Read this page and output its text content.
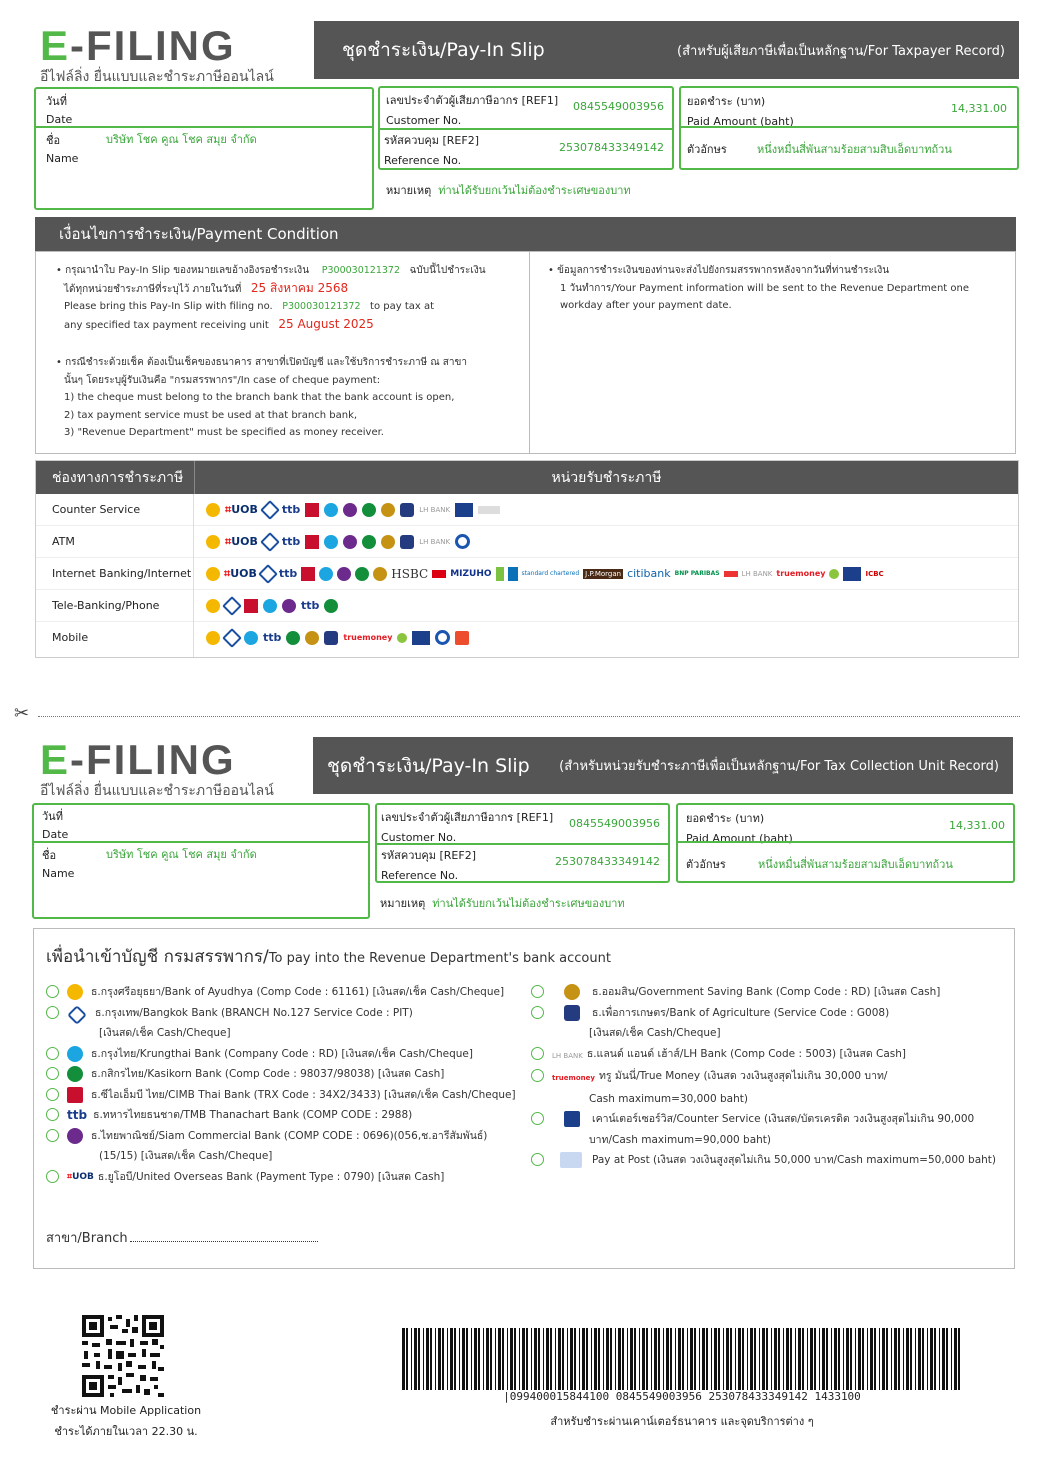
E-FILING
อีไฟล์ลิ่ง ยื่นแบบและชำระภาษีออนไลน์
ชุดชำระเงิน/Pay-In Slip	(สำหรับผู้เสียภาษีเพื่อเป็นหลักฐาน/For Taxpayer Record)
วันที่
Date
ชื่อ
Name
บริษัท โชค คูณ โชค สมุย จำกัด
เลขประจำตัวผู้เสียภาษีอากร [REF1]
Customer No.
0845549003956
รหัสควบคุม [REF2]
Reference No.
253078433349142
หมายเหตุ ท่านได้รับยกเว้นไม่ต้องชำระเศษของบาท
ยอดชำระ (บาท)
Paid Amount (baht)
14,331.00
ตัวอักษร	หนึ่งหมื่นสี่พันสามร้อยสามสิบเอ็ดบาทถ้วน
เงื่อนไขการชำระเงิน/Payment Condition
• กรุณานำใบ Pay-In Slip ของหมายเลขอ้างอิงรอชำระเงิน P300030121372 ฉบับนี้ไปชำระเงิน
ได้ทุกหน่วยชำระภาษีที่ระบุไว้ ภายในวันที่ 25 สิงหาคม 2568
Please bring this Pay-In Slip with filing no. P300030121372 to pay tax at
any specified tax payment receiving unit 25 August 2025
• กรณีชำระด้วยเช็ค ต้องเป็นเช็คของธนาคาร สาขาที่เปิดบัญชี และใช้บริการชำระภาษี ณ สาขา
นั้นๆ โดยระบุผู้รับเงินคือ "กรมสรรพากร"/In case of cheque payment:
1) the cheque must belong to the branch bank that the bank account is open,
2) tax payment service must be used at that branch bank,
3) "Revenue Department" must be specified as money receiver.
• ข้อมูลการชำระเงินของท่านจะส่งไปยังกรมสรรพากรหลังจากวันที่ท่านชำระเงิน
1 วันทำการ/Your Payment information will be sent to the Revenue Department one
workday after your payment date.
ช่องทางการชำระภาษี	หน่วยรับชำระภาษี
Counter Service	⌗UOB ttb	LH BANK
ATM	⌗UOB ttb	LH BANK
Internet Banking/Internet	⌗UOB ttb	HSBC MIZUHO	standard chartered J.P.Morgan citibank BNP PARIBAS	LH BANK truemoney	ICBC
Tele-Banking/Phone	ttb
Mobile	ttb	truemoney
✂
E-FILING
อีไฟล์ลิ่ง ยื่นแบบและชำระภาษีออนไลน์
ชุดชำระเงิน/Pay-In Slip (สำหรับหน่วยรับชำระภาษีเพื่อเป็นหลักฐาน/For Tax Collection Unit Record)
วันที่
Date
ชื่อ
Name
บริษัท โชค คูณ โชค สมุย จำกัด
เลขประจำตัวผู้เสียภาษีอากร [REF1]
Customer No.
0845549003956
รหัสควบคุม [REF2]
Reference No.
253078433349142
หมายเหตุ ท่านได้รับยกเว้นไม่ต้องชำระเศษของบาท
ยอดชำระ (บาท)
Paid Amount (baht)
14,331.00
ตัวอักษร	หนึ่งหมื่นสี่พันสามร้อยสามสิบเอ็ดบาทถ้วน
เพื่อนำเข้าบัญชี กรมสรรพากร/To pay into the Revenue Department's bank account
ธ.กรุงศรีอยุธยา/Bank of Ayudhya (Comp Code : 61161) [เงินสด/เช็ค Cash/Cheque]
ธ.กรุงเทพ/Bangkok Bank (BRANCH No.127 Service Code : PIT)
[เงินสด/เช็ค Cash/Cheque]
ธ.กรุงไทย/Krungthai Bank (Company Code : RD) [เงินสด/เช็ค Cash/Cheque]
ธ.กสิกรไทย/Kasikorn Bank (Comp Code : 98037/98038) [เงินสด Cash]
ธ.ซีไอเอ็มบี ไทย/CIMB Thai Bank (TRX Code : 34X2/3433) [เงินสด/เช็ค Cash/Cheque]
ttb ธ.ทหารไทยธนชาต/TMB Thanachart Bank (COMP CODE : 2988)
ธ.ไทยพาณิชย์/Siam Commercial Bank (COMP CODE : 0696)(056,ช.อารีสัมพันธ์)
(15/15) [เงินสด/เช็ค Cash/Cheque]
⌗UOB ธ.ยูโอบี/United Overseas Bank (Payment Type : 0790) [เงินสด Cash]
ธ.ออมสิน/Government Saving Bank (Comp Code : RD) [เงินสด Cash]
ธ.เพื่อการเกษตร/Bank of Agriculture (Service Code : G008)
[เงินสด/เช็ค Cash/Cheque]
LH BANK ธ.แลนด์ แอนด์ เฮ้าส์/LH Bank (Comp Code : 5003) [เงินสด Cash]
truemoney ทรู มันนี่/True Money (เงินสด วงเงินสูงสุดไม่เกิน 30,000 บาท/
Cash maximum=30,000 baht)
เคาน์เตอร์เซอร์วิส/Counter Service (เงินสด/บัตรเครดิต วงเงินสูงสุดไม่เกิน 90,000
บาท/Cash maximum=90,000 baht)
Pay at Post (เงินสด วงเงินสูงสุดไม่เกิน 50,000 บาท/Cash maximum=50,000 baht)
สาขา/Branch
ชำระผ่าน Mobile Application
ชำระได้ภายในเวลา 22.30 น.
|099400015844100 0845549003956 253078433349142 1433100
สำหรับชำระผ่านเคาน์เตอร์ธนาคาร และจุดบริการต่าง ๆ
